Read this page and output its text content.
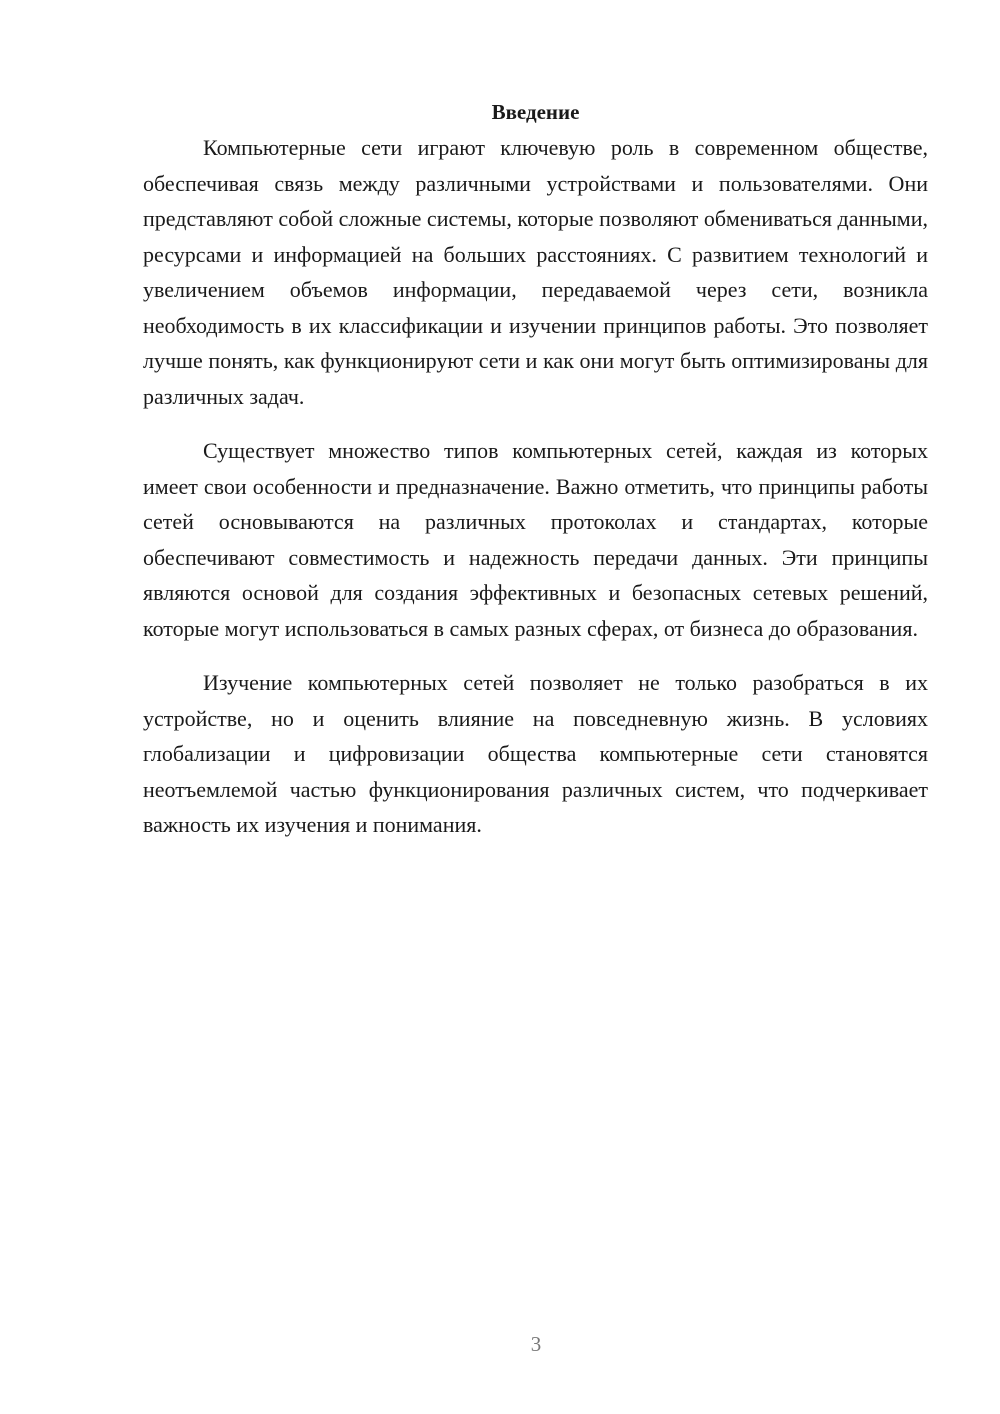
Введение

Компьютерные сети играют ключевую роль в современном обществе, обеспечивая связь между различными устройствами и пользователями. Они представляют собой сложные системы, которые позволяют обмениваться данными, ресурсами и информацией на больших расстояниях. С развитием технологий и увеличением объемов информации, передаваемой через сети, возникла необходимость в их классификации и изучении принципов работы. Это позволяет лучше понять, как функционируют сети и как они могут быть оптимизированы для различных задач.

Существует множество типов компьютерных сетей, каждая из которых имеет свои особенности и предназначение. Важно отметить, что принципы работы сетей основываются на различных протоколах и стандартах, которые обеспечивают совместимость и надежность передачи данных. Эти принципы являются основой для создания эффективных и безопасных сетевых решений, которые могут использоваться в самых разных сферах, от бизнеса до образования.

Изучение компьютерных сетей позволяет не только разобраться в их устройстве, но и оценить влияние на повседневную жизнь. В условиях глобализации и цифровизации общества компьютерные сети становятся неотъемлемой частью функционирования различных систем, что подчеркивает важность их изучения и понимания.

3
